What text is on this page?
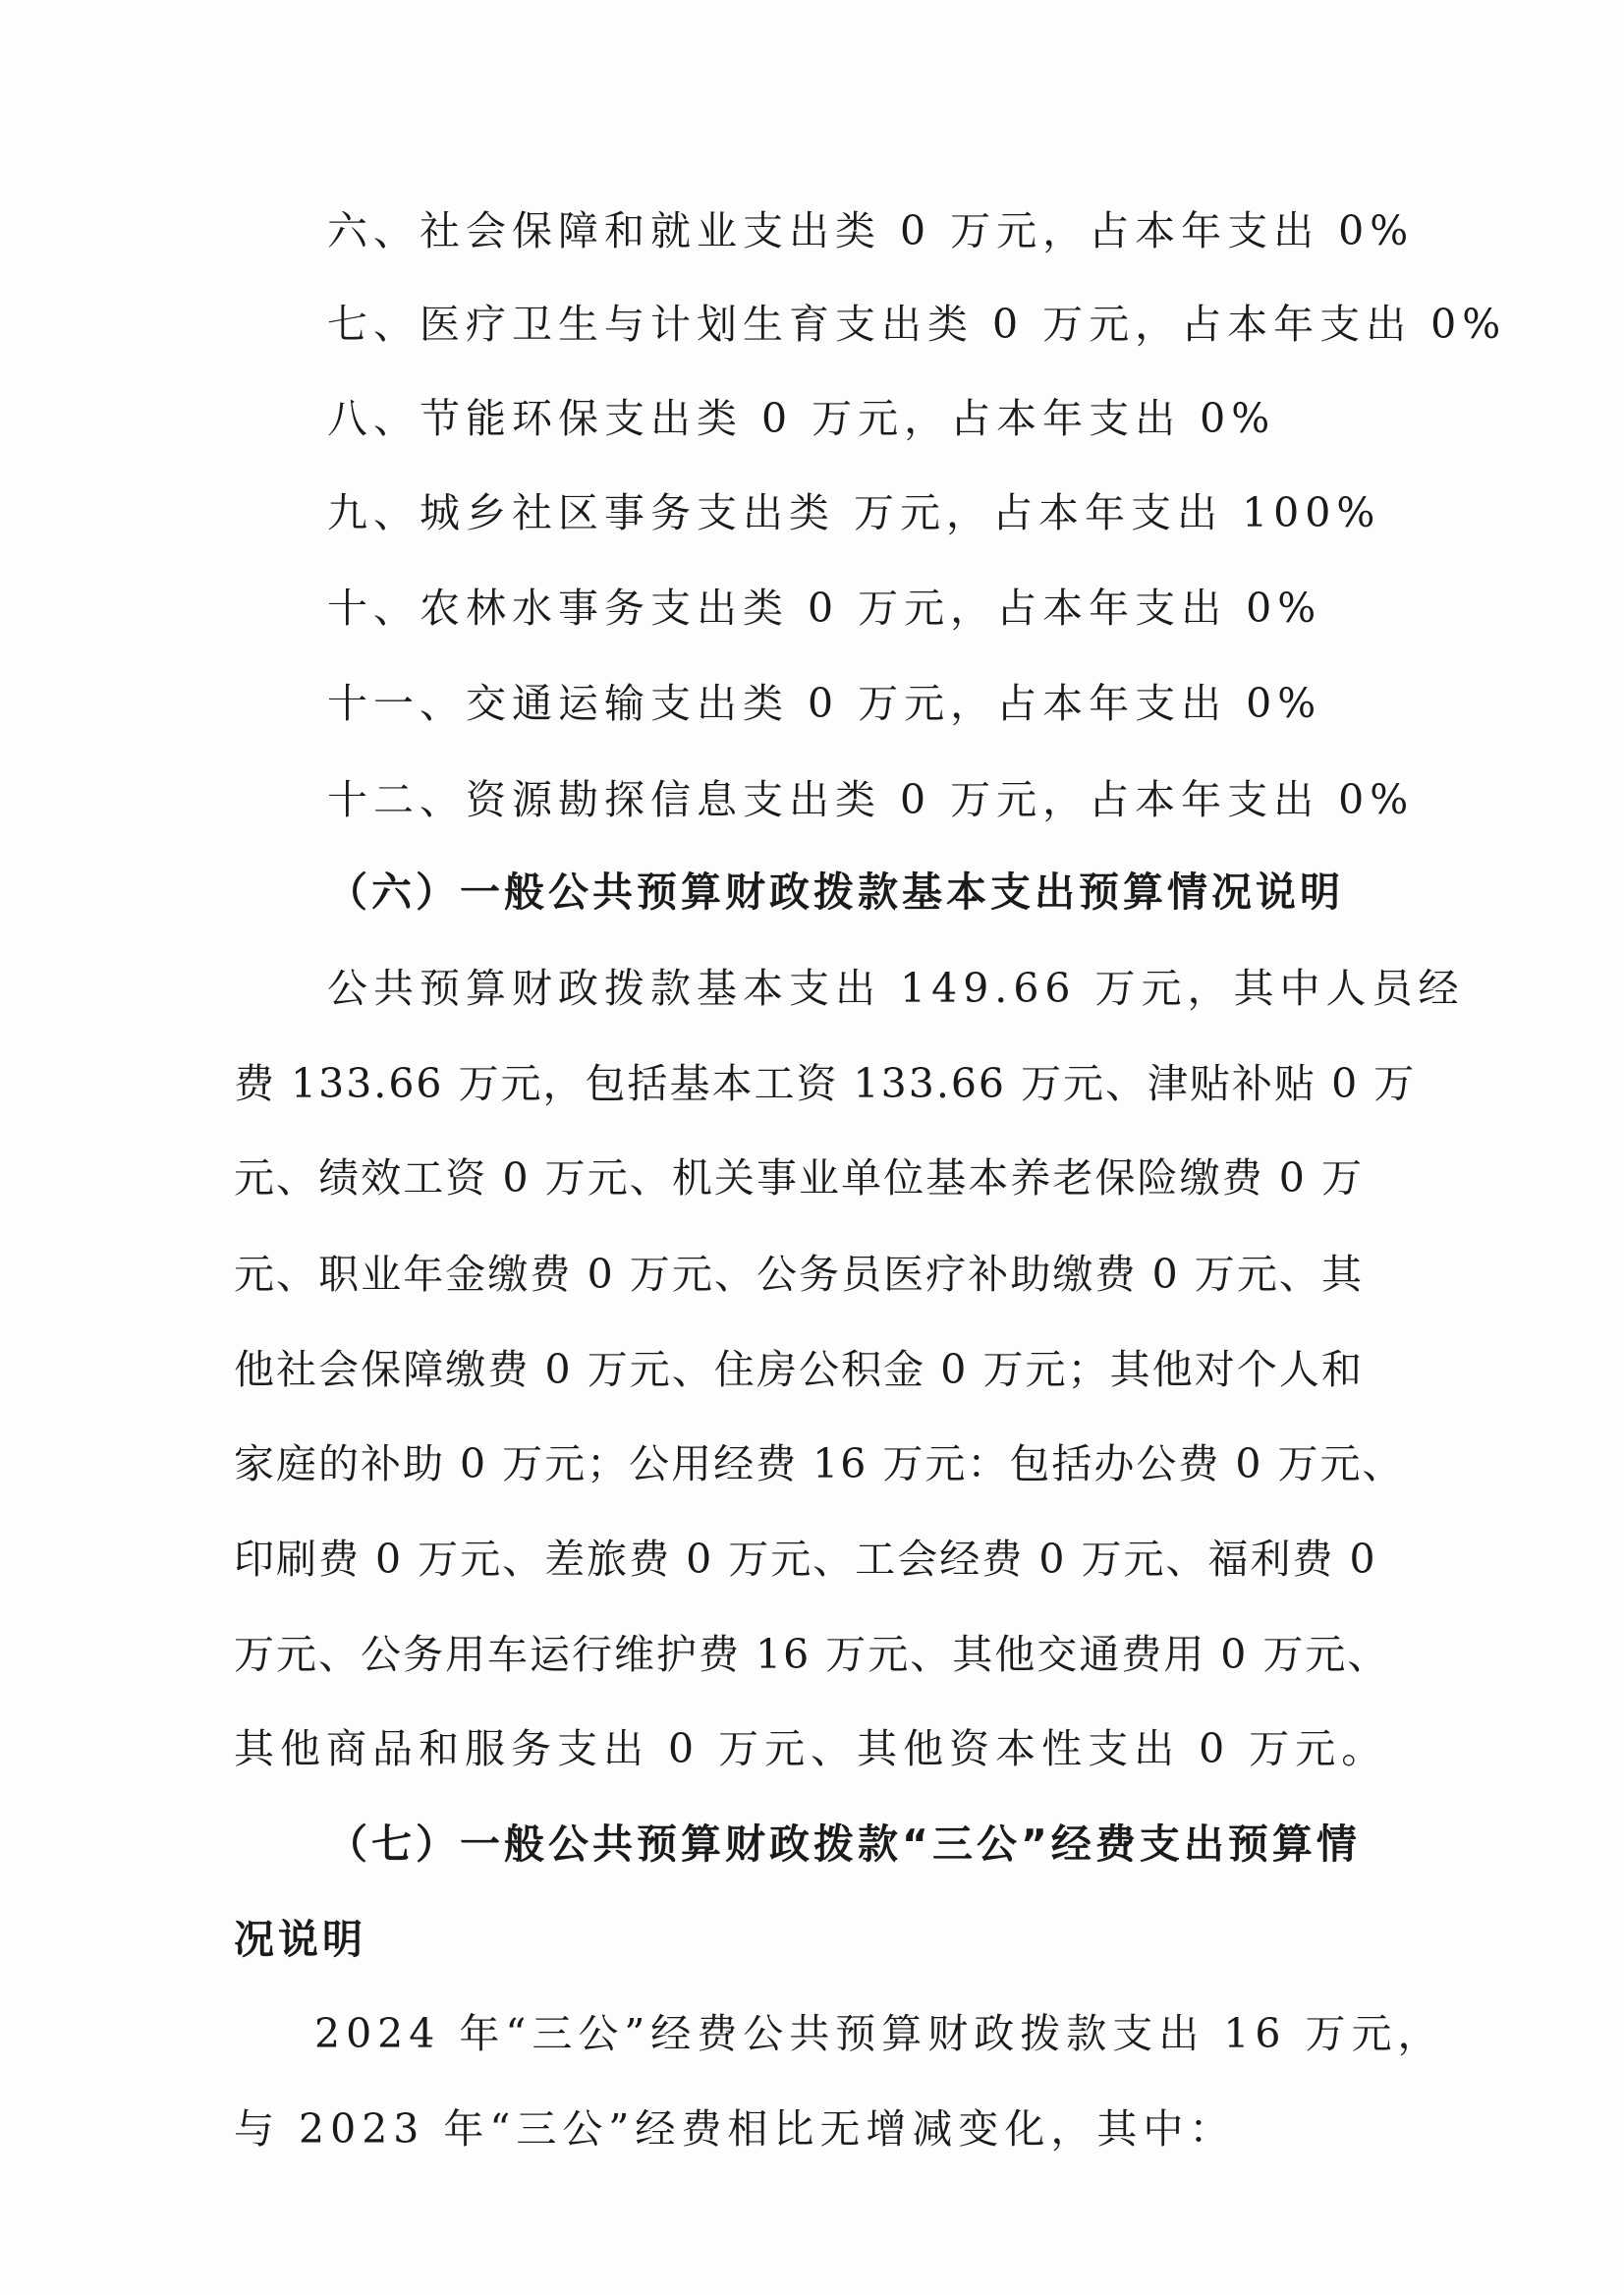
六、社会保障和就业支出类 0 万元，占本年支出 0%
七、医疗卫生与计划生育支出类 0 万元，占本年支出 0%
八、节能环保支出类 0 万元，占本年支出 0%
九、城乡社区事务支出类 万元，占本年支出 100%
十、农林水事务支出类 0 万元，占本年支出 0%
十一、交通运输支出类 0 万元，占本年支出 0%
十二、资源勘探信息支出类 0 万元，占本年支出 0%
（六）一般公共预算财政拨款基本支出预算情况说明
公共预算财政拨款基本支出 149.66 万元，其中人员经
费 133.66 万元，包括基本工资 133.66 万元、津贴补贴 0 万
元、绩效工资 0 万元、机关事业单位基本养老保险缴费 0 万
元、职业年金缴费 0 万元、公务员医疗补助缴费 0 万元、其
他社会保障缴费 0 万元、住房公积金 0 万元；其他对个人和
家庭的补助 0 万元；公用经费 16 万元：包括办公费 0 万元、
印刷费 0 万元、差旅费 0 万元、工会经费 0 万元、福利费 0
万元、公务用车运行维护费 16 万元、其他交通费用 0 万元、
其他商品和服务支出 0 万元、其他资本性支出 0 万元。
（七）一般公共预算财政拨款“三公”经费支出预算情
况说明
2024 年“三公”经费公共预算财政拨款支出 16 万元，
与 2023 年“三公”经费相比无增减变化，其中：
